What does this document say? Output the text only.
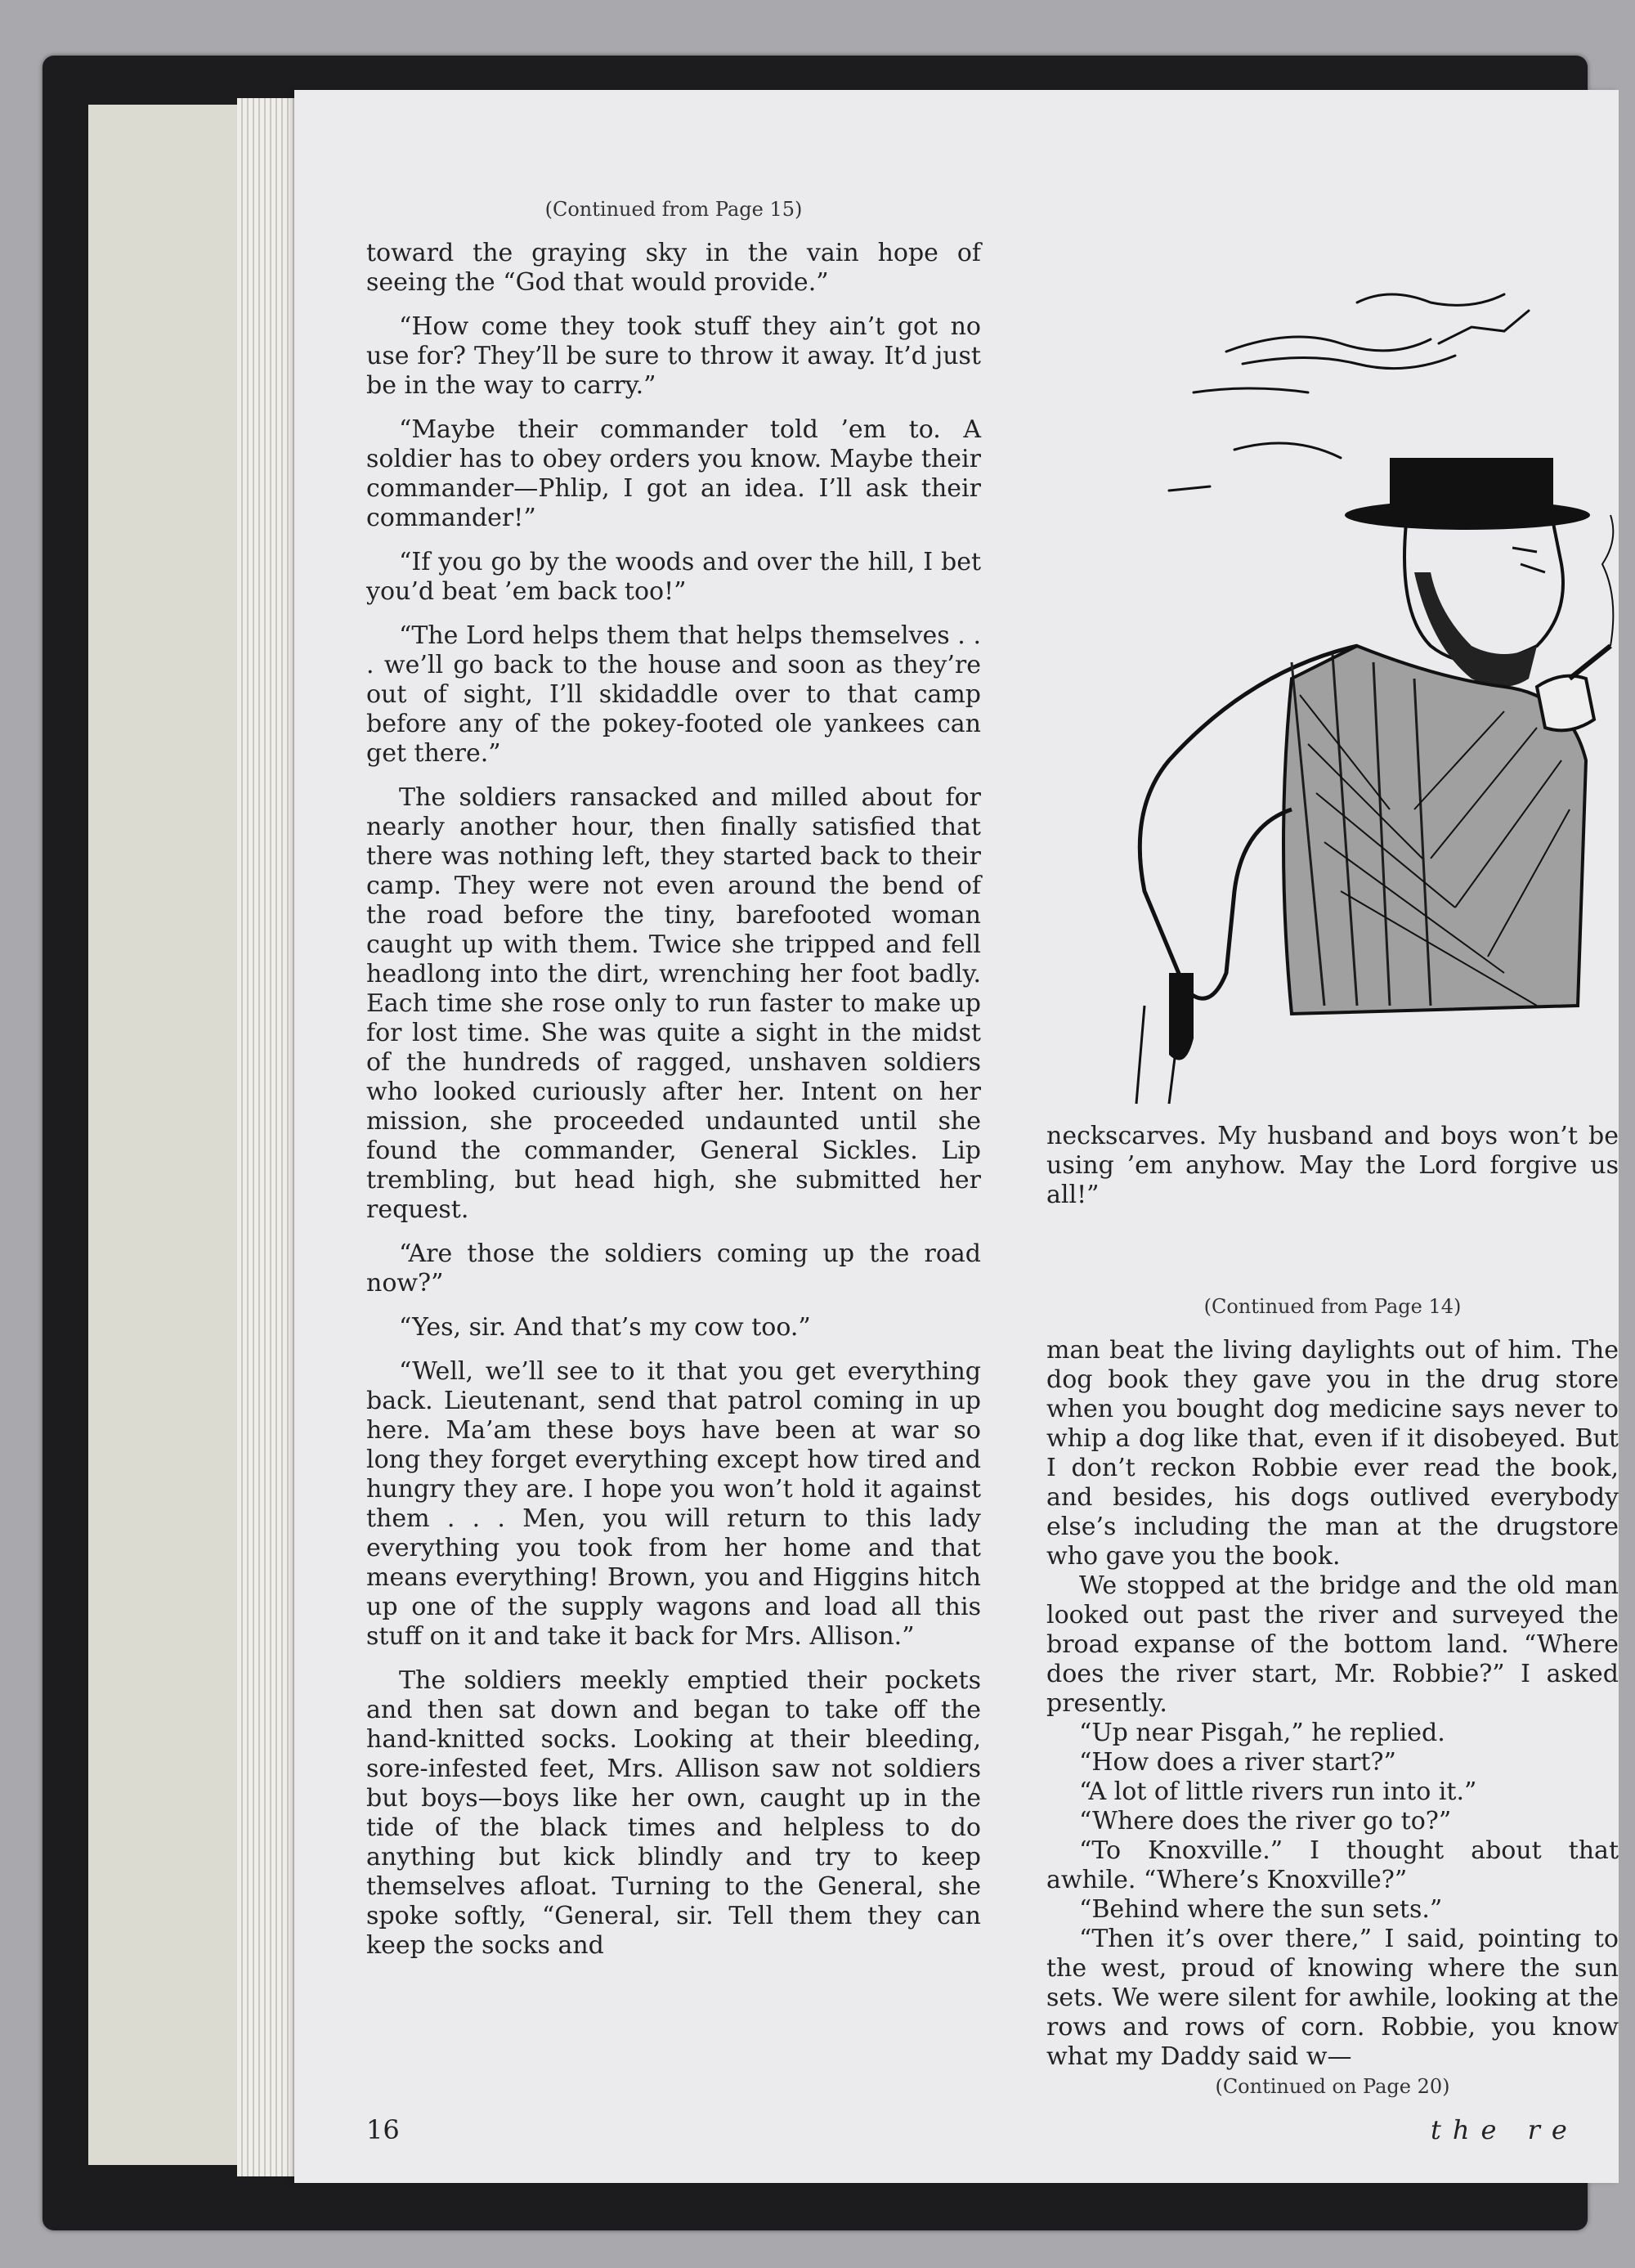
(Continued from Page 15)

toward the graying sky in the vain hope of seeing the “God that would provide.”

“How come they took stuff they ain’t got no use for? They’ll be sure to throw it away. It’d just be in the way to carry.”

“Maybe their commander told ’em to. A soldier has to obey orders you know. Maybe their commander—Phlip, I got an idea. I’ll ask their commander!”

“If you go by the woods and over the hill, I bet you’d beat ’em back too!”

“The Lord helps them that helps themselves . . . we’ll go back to the house and soon as they’re out of sight, I’ll skidaddle over to that camp before any of the pokey-footed ole yankees can get there.”

The soldiers ransacked and milled about for nearly another hour, then finally satisfied that there was nothing left, they started back to their camp. They were not even around the bend of the road before the tiny, barefooted woman caught up with them. Twice she tripped and fell headlong into the dirt, wrenching her foot badly. Each time she rose only to run faster to make up for lost time. She was quite a sight in the midst of the hundreds of ragged, unshaven soldiers who looked curiously after her. Intent on her mission, she proceeded undaunted until she found the commander, General Sickles. Lip trembling, but head high, she submitted her request.

“Are those the soldiers coming up the road now?”

“Yes, sir. And that’s my cow too.”

“Well, we’ll see to it that you get everything back. Lieutenant, send that patrol coming in up here. Ma’am these boys have been at war so long they forget everything except how tired and hungry they are. I hope you won’t hold it against them . . . Men, you will return to this lady everything you took from her home and that means everything! Brown, you and Higgins hitch up one of the supply wagons and load all this stuff on it and take it back for Mrs. Allison.”

The soldiers meekly emptied their pockets and then sat down and began to take off the hand-knitted socks. Looking at their bleeding, sore-infested feet, Mrs. Allison saw not soldiers but boys—boys like her own, caught up in the tide of the black times and helpless to do anything but kick blindly and try to keep themselves afloat. Turning to the General, she spoke softly, “General, sir. Tell them they can keep the socks and

neckscarves. My husband and boys won’t be using ’em anyhow. May the Lord forgive us all!”

(Continued from Page 14)

man beat the living daylights out of him. The dog book they gave you in the drug store when you bought dog medicine says never to whip a dog like that, even if it disobeyed. But I don’t reckon Robbie ever read the book, and besides, his dogs outlived everybody else’s including the man at the drugstore who gave you the book.

We stopped at the bridge and the old man looked out past the river and surveyed the broad expanse of the bottom land. “Where does the river start, Mr. Robbie?” I asked presently.

“Up near Pisgah,” he replied.

“How does a river start?”

“A lot of little rivers run into it.”

“Where does the river go to?”

“To Knoxville.” I thought about that awhile. “Where’s Knoxville?”

“Behind where the sun sets.”

“Then it’s over there,” I said, pointing to the west, proud of knowing where the sun sets. We were silent for awhile, looking at the rows and rows of corn. Robbie, you know what my Daddy said w—

(Continued on Page 20)

16	the re
